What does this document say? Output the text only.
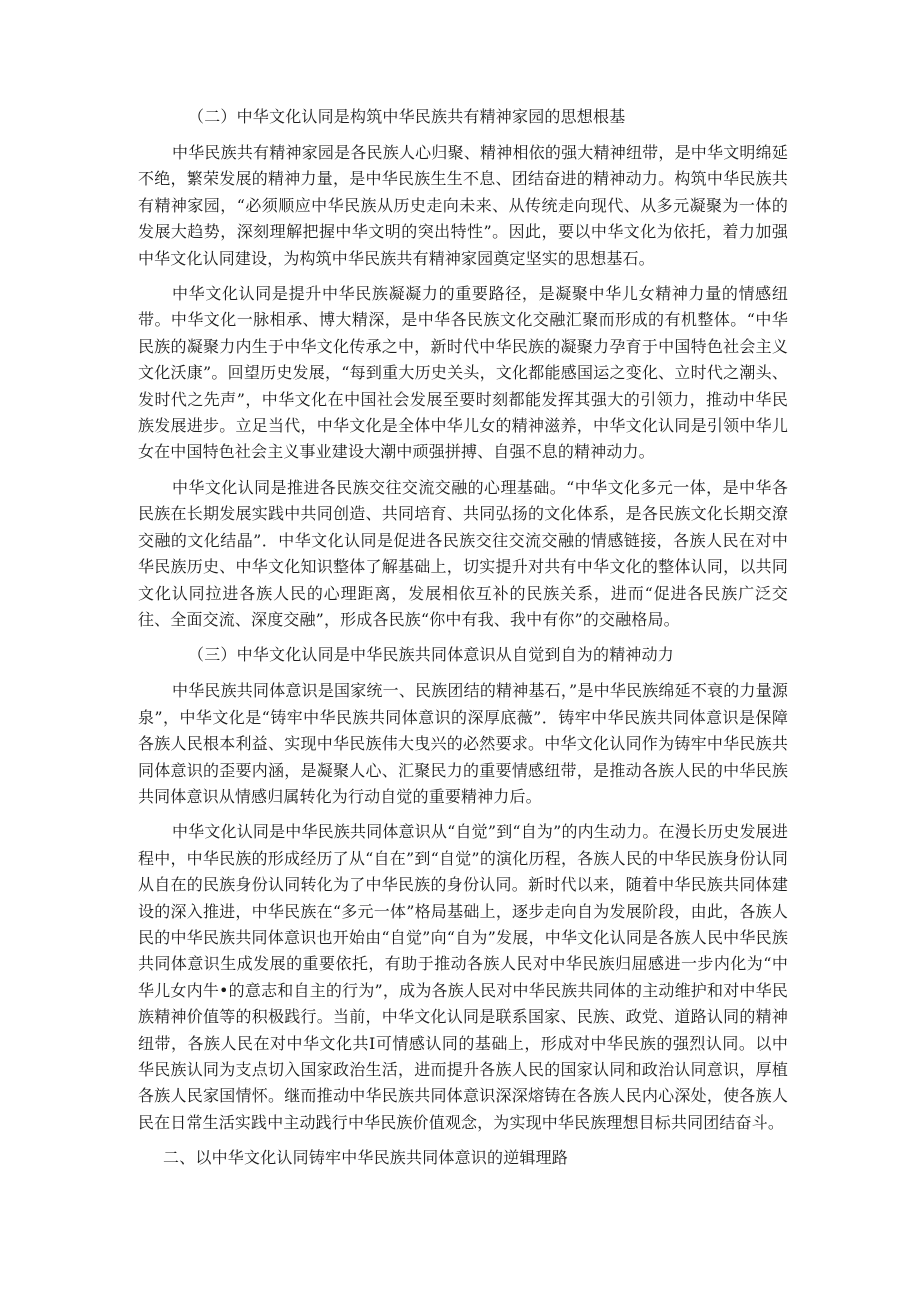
（二）中华文化认同是构筑中华民族共有精神家园的思想根基

中华民族共有精神家园是各民族人心归聚、精神相依的强大精神纽带，是中华文明绵延不绝，繁荣发展的精神力量，是中华民族生生不息、团结奋进的精神动力。构筑中华民族共有精神家园，“必须顺应中华民族从历史走向未来、从传统走向现代、从多元凝聚为一体的发展大趋势，深刻理解把握中华文明的突出特性”。因此，要以中华文化为依托，着力加强中华文化认同建设，为构筑中华民族共有精神家园奠定坚实的思想基石。

中华文化认同是提升中华民族凝凝力的重要路径，是凝聚中华儿女精神力量的情感纽带。中华文化一脉相承、博大精深，是中华各民族文化交融汇聚而形成的有机整体。“中华民族的凝聚力内生于中华文化传承之中，新时代中华民族的凝聚力孕育于中国特色社会主义文化沃康”。回望历史发展，“每到重大历史关头，文化都能感国运之变化、立时代之潮头、发时代之先声”，中华文化在中国社会发展至要时刻都能发挥其强大的引领力，推动中华民族发展进步。立足当代，中华文化是全体中华儿女的精神滋养，中华文化认同是引领中华儿女在中国特色社会主义事业建设大潮中顽强拼搏、自强不息的精神动力。

中华文化认同是推进各民族交往交流交融的心理基础。“中华文化多元一体，是中华各民族在长期发展实践中共同创造、共同培育、共同弘扬的文化体系，是各民族文化长期交潦交融的文化结晶”．中华文化认同是促进各民族交往交流交融的情感链接，各族人民在对中华民族历史、中华文化知识整体了解基础上，切实提升对共有中华文化的整体认同，以共同文化认同拉进各族人民的心理距离，发展相依互补的民族关系，进而“促进各民族广泛交往、全面交流、深度交融”，形成各民族“你中有我、我中有你”的交融格局。

（三）中华文化认同是中华民族共同体意识从自觉到自为的精神动力

中华民族共同体意识是国家统一、民族团结的精神基石，”是中华民族绵延不衰的力量源泉”，中华文化是“铸牢中华民族共同体意识的深厚底薇”．铸牢中华民族共同体意识是保障各族人民根本利益、实现中华民族伟大曳兴的必然要求。中华文化认同作为铸牢中华民族共同体意识的歪要内涵，是凝聚人心、汇聚民力的重要情感纽带，是推动各族人民的中华民族共同体意识从情感归属转化为行动自觉的重要精神力后。

中华文化认同是中华民族共同体意识从“自觉”到“自为”的内生动力。在漫长历史发展进程中，中华民族的形成经历了从“自在”到“自觉”的演化历程，各族人民的中华民族身份认同从自在的民族身份认同转化为了中华民族的身份认同。新时代以来，随着中华民族共同体建设的深入推进，中华民族在“多元一体”格局基础上，逐步走向自为发展阶段，由此，各族人民的中华民族共同体意识也开始由“自觉”向“自为”发展，中华文化认同是各族人民中华民族共同体意识生成发展的重要依托，有助于推动各族人民对中华民族归屈感进一步内化为“中华儿女内牛•的意志和自主的行为”，成为各族人民对中华民族共同体的主动维护和对中华民族精神价值等的积极践行。当前，中华文化认同是联系国家、民族、政党、道路认同的精神纽带，各族人民在对中华文化共I可情感认同的基础上，形成对中华民族的强烈认同。以中华民族认同为支点切入国家政治生活，进而提升各族人民的国家认同和政治认同意识，厚植各族人民家国情怀。继而推动中华民族共同体意识深深熔铸在各族人民内心深处，使各族人民在日常生活实践中主动践行中华民族价值观念，为实现中华民族理想目标共同团结奋斗。

二、以中华文化认同铸牢中华民族共同体意识的逆辑理路
